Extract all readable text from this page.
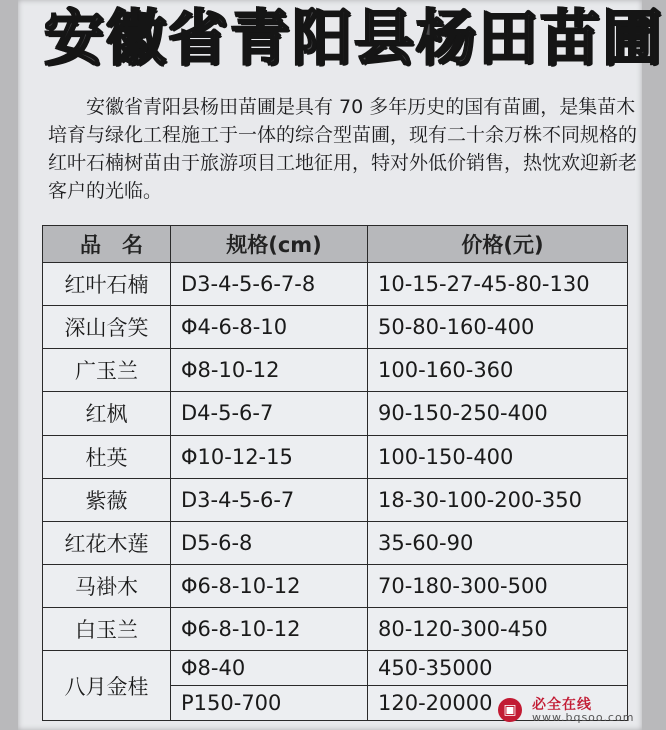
安徽省青阳县杨田苗圃
安徽省青阳县杨田苗圃是具有 70 多年历史的国有苗圃，是集苗木培育与绿化工程施工于一体的综合型苗圃，现有二十余万株不同规格的红叶石楠树苗由于旅游项目工地征用，特对外低价销售，热忱欢迎新老客户的光临。
品　名	规格(cm)	价格(元)
红叶石楠	D3-4-5-6-7-8	10-15-27-45-80-130
深山含笑	Φ4-6-8-10	50-80-160-400
广玉兰	Φ8-10-12	100-160-360
红枫	D4-5-6-7	90-150-250-400
杜英	Φ10-12-15	100-150-400
紫薇	D3-4-5-6-7	18-30-100-200-350
红花木莲	D5-6-8	35-60-90
马褂木	Φ6-8-10-12	70-180-300-500
白玉兰	Φ6-8-10-12	80-120-300-450
八月金桂	Φ8-40	450-35000
	P150-700	120-20000 ▣	必全在线
www.bqsoo.com
